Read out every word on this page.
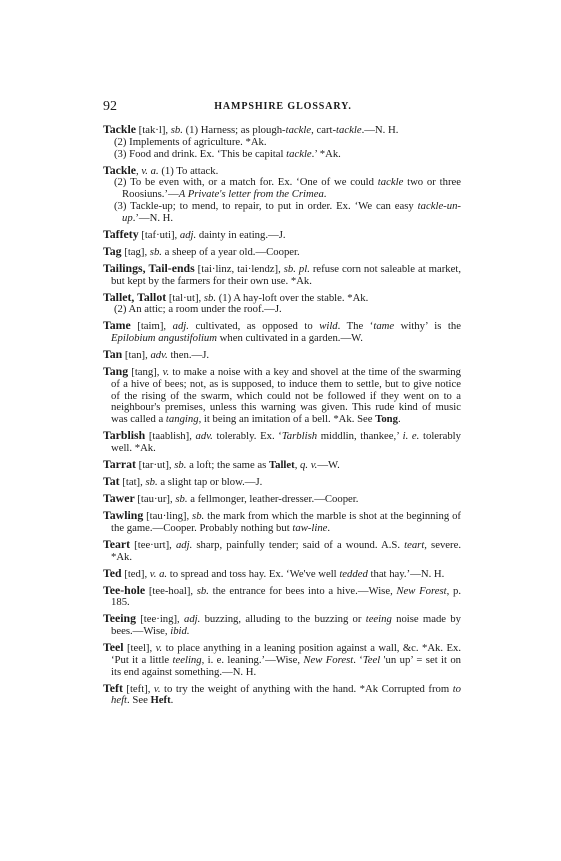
92	HAMPSHIRE GLOSSARY.

Tackle [tak·l], sb. (1) Harness; as plough-tackle, cart-tackle.—N. H.

(2) Implements of agriculture. *Ak.

(3) Food and drink. Ex. ‘This be capital tackle.’ *Ak.

Tackle, v. a. (1) To attack.

(2) To be even with, or a match for. Ex. ‘One of we could tackle two or three Roosiuns.’—A Private's letter from the Crimea.

(3) Tackle-up; to mend, to repair, to put in order. Ex. ‘We can easy tackle-un-up.’—N. H.

Taffety [taf·uti], adj. dainty in eating.—J.

Tag [tag], sb. a sheep of a year old.—Cooper.

Tailings, Tail-ends [tai·linz, tai·lendz], sb. pl. refuse corn not saleable at market, but kept by the farmers for their own use. *Ak.

Tallet, Tallot [tal·ut], sb. (1) A hay-loft over the stable. *Ak.

(2) An attic; a room under the roof.—J.

Tame [taim], adj. cultivated, as opposed to wild. The ‘tame withy’ is the Epilobium angustifolium when cultivated in a garden.—W.

Tan [tan], adv. then.—J.

Tang [tang], v. to make a noise with a key and shovel at the time of the swarming of a hive of bees; not, as is supposed, to induce them to settle, but to give notice of the rising of the swarm, which could not be followed if they went on to a neighbour's premises, unless this warning was given. This rude kind of music was called a tanging, it being an imitation of a bell. *Ak. See Tong.

Tarblish [taablish], adv. tolerably. Ex. ‘Tarblish middlin, thankee,’ i. e. tolerably well. *Ak.

Tarrat [tar·ut], sb. a loft; the same as Tallet, q. v.—W.

Tat [tat], sb. a slight tap or blow.—J.

Tawer [tau·ur], sb. a fellmonger, leather-dresser.—Cooper.

Tawling [tau·ling], sb. the mark from which the marble is shot at the beginning of the game.—Cooper. Probably nothing but taw-line.

Teart [tee·urt], adj. sharp, painfully tender; said of a wound. A.S. teart, severe. *Ak.

Ted [ted], v. a. to spread and toss hay. Ex. ‘We've well tedded that hay.’—N. H.

Tee-hole [tee-hoal], sb. the entrance for bees into a hive.—Wise, New Forest, p. 185.

Teeing [tee·ing], adj. buzzing, alluding to the buzzing or teeing noise made by bees.—Wise, ibid.

Teel [teel], v. to place anything in a leaning position against a wall, &c. *Ak. Ex. ‘Put it a little teeling, i. e. leaning.’—Wise, New Forest. ‘Teel 'un up’ = set it on its end against something.—N. H.

Teft [teft], v. to try the weight of anything with the hand. *Ak Corrupted from to heft. See Heft.
